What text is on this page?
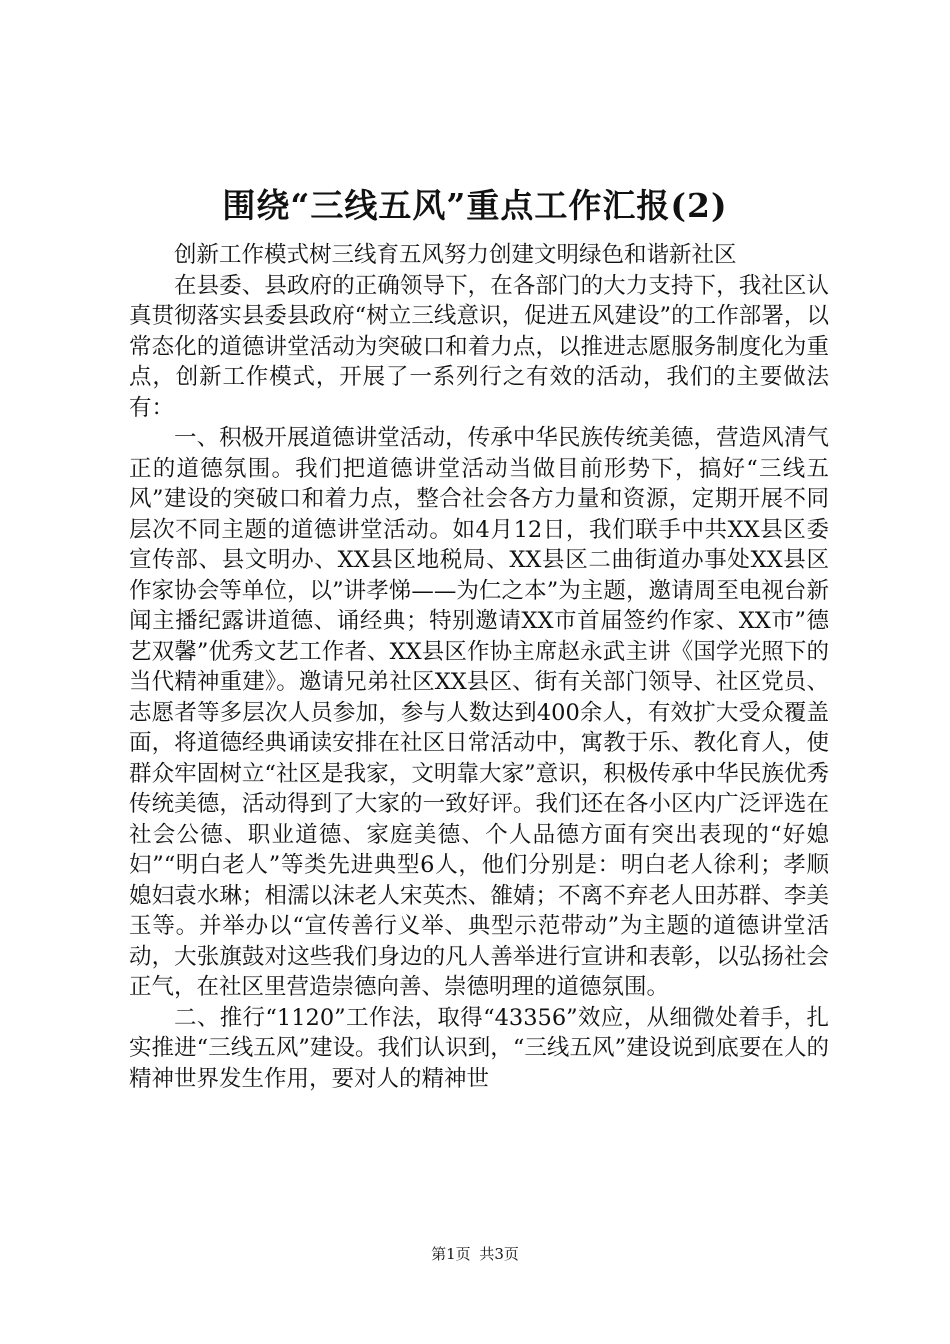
围绕“三线五风”重点工作汇报(2)

创新工作模式树三线育五风努力创建文明绿色和谐新社区

在县委、县政府的正确领导下，在各部门的大力支持下，我社区认真贯彻落实县委县政府“树立三线意识，促进五风建设”的工作部署，以常态化的道德讲堂活动为突破口和着力点，以推进志愿服务制度化为重点，创新工作模式，开展了一系列行之有效的活动，我们的主要做法有：

一、积极开展道德讲堂活动，传承中华民族传统美德，营造风清气正的道德氛围。我们把道德讲堂活动当做目前形势下，搞好“三线五风”建设的突破口和着力点，整合社会各方力量和资源，定期开展不同层次不同主题的道德讲堂活动。如4月12日，我们联手中共XX县区委宣传部、县文明办、XX县区地税局、XX县区二曲街道办事处XX县区作家协会等单位，以”讲孝悌——为仁之本”为主题，邀请周至电视台新闻主播纪露讲道德、诵经典；特别邀请XX市首届签约作家、XX市”德艺双馨”优秀文艺工作者、XX县区作协主席赵永武主讲《国学光照下的当代精神重建》。邀请兄弟社区XX县区、街有关部门领导、社区党员、志愿者等多层次人员参加，参与人数达到400余人，有效扩大受众覆盖面，将道德经典诵读安排在社区日常活动中，寓教于乐、教化育人，使群众牢固树立“社区是我家，文明靠大家”意识，积极传承中华民族优秀传统美德，活动得到了大家的一致好评。我们还在各小区内广泛评选在社会公德、职业道德、家庭美德、个人品德方面有突出表现的“好媳妇”“明白老人”等类先进典型6人，他们分别是：明白老人徐利；孝顺媳妇袁水琳；相濡以沫老人宋英杰、雒婧；不离不弃老人田苏群、李美玉等。并举办以“宣传善行义举、典型示范带动”为主题的道德讲堂活动，大张旗鼓对这些我们身边的凡人善举进行宣讲和表彰，以弘扬社会正气，在社区里营造崇德向善、崇德明理的道德氛围。

二、推行“1120”工作法，取得“43356”效应，从细微处着手，扎实推进“三线五风”建设。我们认识到，“三线五风”建设说到底要在人的精神世界发生作用，要对人的精神世

第1页 共3页
